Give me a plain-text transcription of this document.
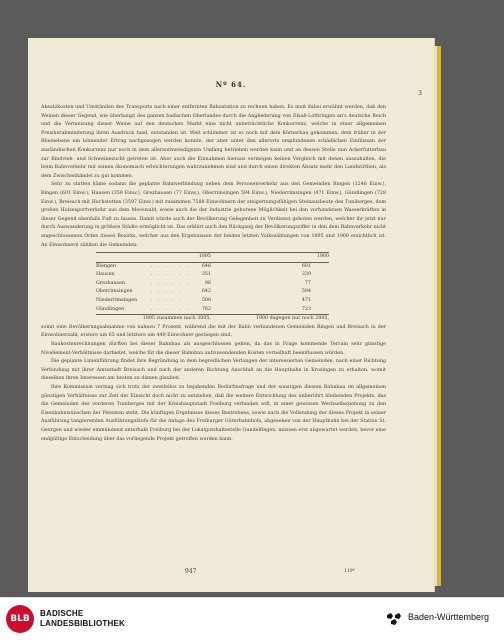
Nº 64.
3

Absatzkosten und Umständen des Transports nach einer entfernten Bahnstation zu rechnen haben. Es muß dabei erwähnt werden, daß den Weinen dieser Gegend, wie überhaupt des ganzen badischen Oberlandes durch die Angliederung von Elsaß-Lothringen an's deutsche Reich und die Vermeisung dieser Weine auf den deutschen Markt eine nicht unbeträchtliche Konkurrenz, welche in einer allgemeinen Preisherabminderung ihren Ausdruck fand, entstanden ist. Weit schlimmer ist es noch mit dem Körnerbau gekommen, dem früher in der Rheinebene ein lohnender Ertrag nachgezogen werden konnte, der aber unter den allerorts empfundenen schädlichen Einflüssen der ausländischen Konkurrenz nur noch in dem allernothwendigsten Umfang betrieben werden kann und an dessen Stelle nun Ackerfutterbau zur Rindvieh- und Schweinezucht getreten ist. Aber auch die Einnahmen hieraus vermögen keinen Vergleich mit denen auszuhalten, die beim Bahnverkehr mit seinen ökonomisch erleichterungen wahrzunehmen sind und durch einen direkten Absatz mehr den Landwirthen, als dem Zwischenhändel zu gut kommen.

Sehr zu statten käme sodann die geplante Bahnverbindung neben dem Personenverkehr aus den Gemeinden Bingen (1246 Einw.), Bingen (601 Einw.), Hausen (359 Einw.), Grezhausen (77 Einw.), Oberrimsingen 594 Einw.), Niederrimsingen (471 Einw.), Gündlingen (729 Einw.), Breisach mit Hochstetten (3597 Einw.) mit zusammen 7588 Einwohnern der steigernungsfähigen Steinausbeute des Tuniberges, dem großen Holzexportverkehr aus dem Mooswald, sowie auch die der Industrie geborene Möglichkeit bei den vorhandenen Wasserkräften in dieser Gegend ebenfalls Fuß zu fassen. Damit würde auch der Bevölkerung Gelegenheit zu Verdienst geboten werden, welcher ihr jetzt nur durch Auswanderung in größere Städte ermöglicht ist. Das erklärt auch den Rückgang der Bevölkerungsziffer in den dem Bahnverkehr nicht angeschlossenen Orten dieses Bezirks, welcher aus den Ergebnissen der beiden letzten Volkszählungen von 1895 und 1900 ersichtlich ist. An Einwohnern zählten die Gemeinden:

1895	1900
Biengen	. . . . . .	646	601
Hausen	. . . . . .	351	339
Grezhausen	. . . . . .	96	77
Oberrimsingen	. . . . .	642	594
Niederrimsingen	. . . . .	508	471
Gündlingen	. . . . . .	762	723
1895 zusammen nach 3005,	1900 dagegen nur noch 2805,

somit eine Bevölkerungsabnahme von nahezu 7 Prozent, während die mit der Bahn verbundenen Gemeinden Bingen und Breisach in der Einwohnerzahl, erstere um 65 und letztere um 449 Einwohner gestiegen sind.

Baukostenrechnungen dürften bei dieser Bahnbau als ausgeschlossen gelten, da das in Frage kommende Terrain sehr günstige Nivellement-Verhältnisse darbietet, welche für die dieser Bahnbau aufzuwendenden Kosten vorteilhaft beeinflussen würden.

Die geplante Linienführung findet ihre Begründung in dem begreiflichen Verlangen der interessierten Gemeinden, nach einer Richtung Verbindung mit ihrer Amtsstadt Breisach und nach der anderen Richtung Anschluß an die Hauptbahn in Krozingen zu erhalten, womit dieselben ihren Interessen am besten zu dienen glauben.

Ihre Kommission vermag sich trotz der zweifellos zu bejahenden Bedürfnisfrage und der sonstigen diesem Bahnbau im allgemeinen günstigen Verhältnisse zur Zeit der Einsicht doch nicht zu entziehen, daß die weitere Entwicklung des unberührt bleibenden Projekts, das die Gemeinden des vorderen Tuniberges mit der Kreishauptstadt Freiburg verbinden will, in einer gewissen Wechselbeziehung zu den Eisenbahnwünschen der Petenten steht. Die künftigen Ergebnisse dieses Bestrebens, sowie auch die Vollendung der dieses Projekt in seiner Ausführung tangierenden Ausführungsläufe für die Anlage des Freiburger Güterbahnhofs, abgesehen von der Hauptbahn bei der Station St. Georgen und wieder einmündend unterhalb Freiburg bei der Lokalgutshaltestelle Gundelfingen, müssen erst abgewartet werden, bevor eine endgültige Entscheidung über das vorliegende Projekt getroffen werden kann.

947	119*
BLB
BADISCHE
LANDESBIBLIOTHEK
Baden-Württemberg
